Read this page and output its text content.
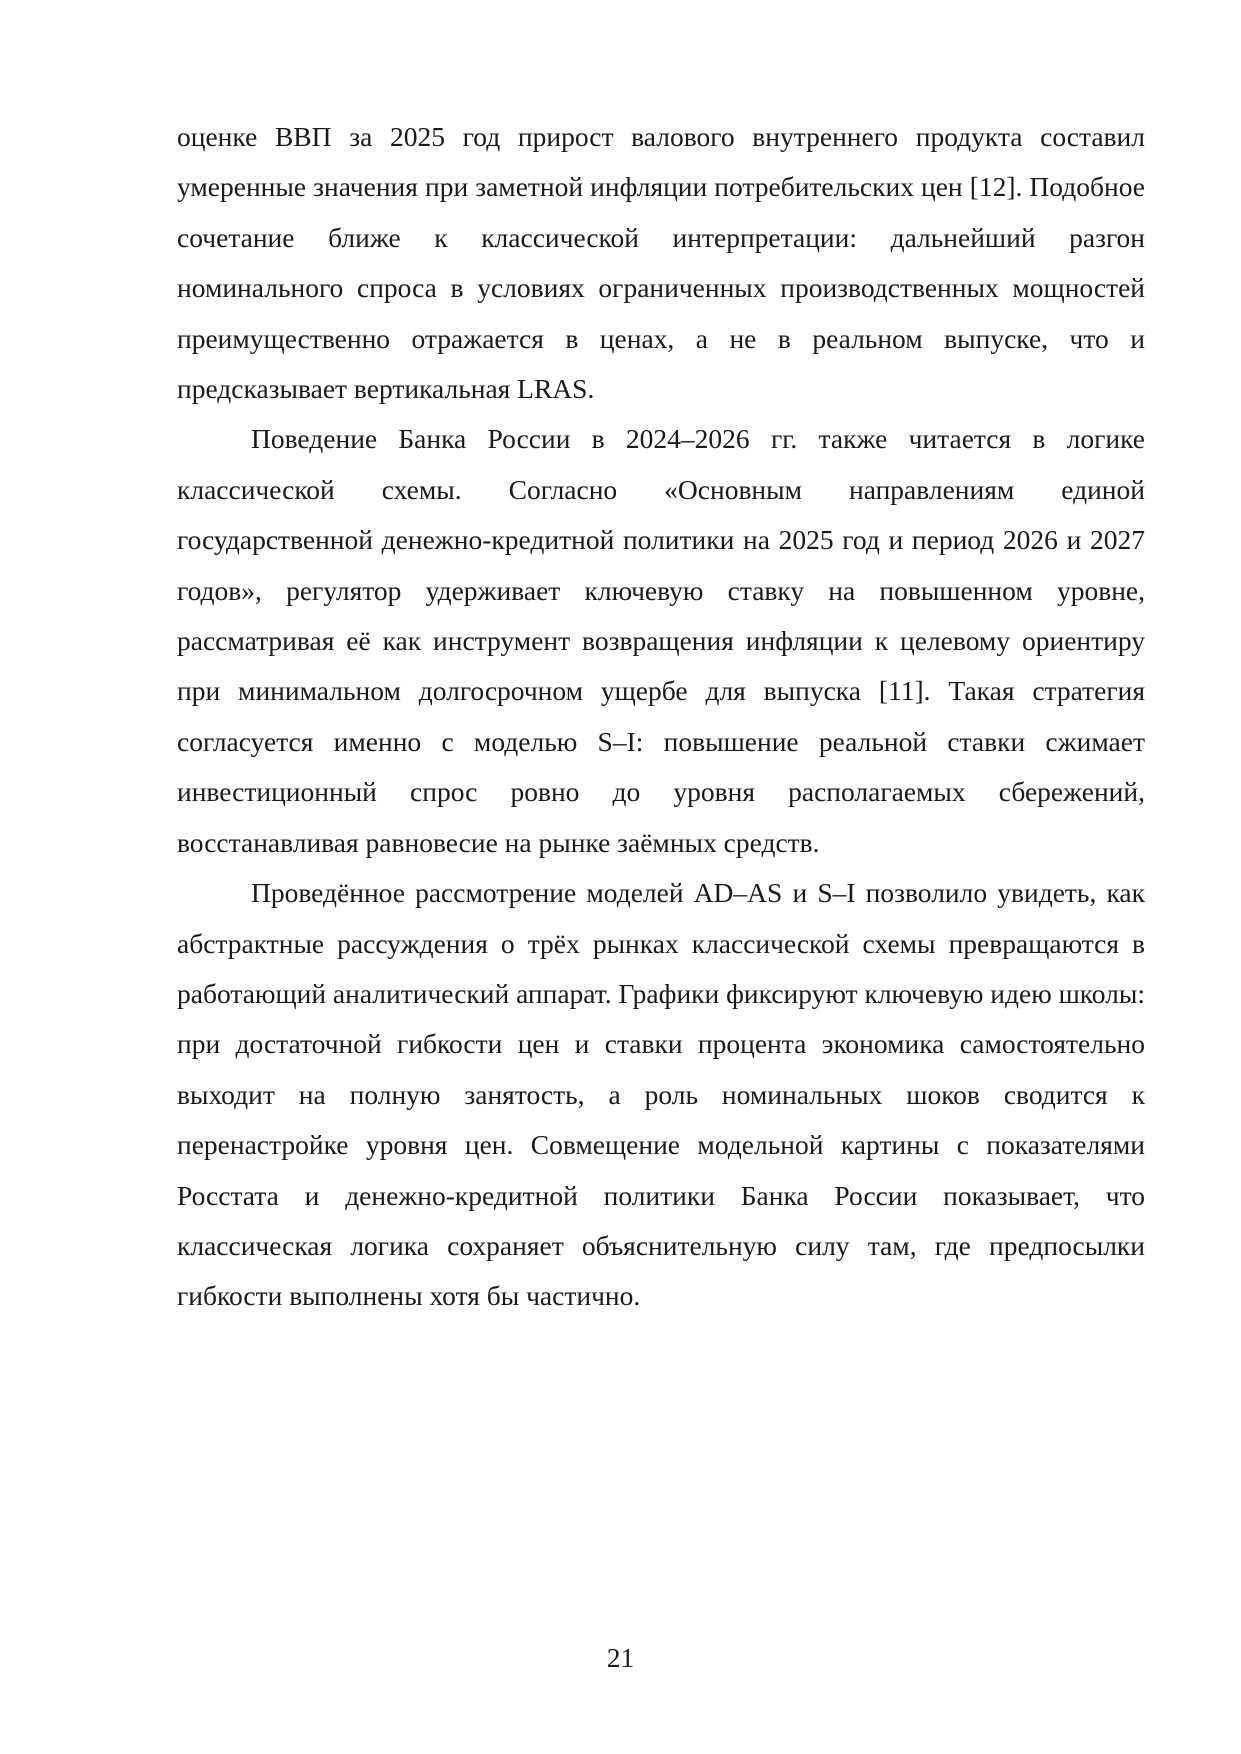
оценке ВВП за 2025 год прирост валового внутреннего продукта составил умеренные значения при заметной инфляции потребительских цен [12]. Подобное сочетание ближе к классической интерпретации: дальнейший разгон номинального спроса в условиях ограниченных производственных мощностей преимущественно отражается в ценах, а не в реальном выпуске, что и предсказывает вертикальная LRAS.

Поведение Банка России в 2024–2026 гг. также читается в логике классической схемы. Согласно «Основным направлениям единой государственной денежно-кредитной политики на 2025 год и период 2026 и 2027 годов», регулятор удерживает ключевую ставку на повышенном уровне, рассматривая её как инструмент возвращения инфляции к целевому ориентиру при минимальном долгосрочном ущербе для выпуска [11]. Такая стратегия согласуется именно с моделью S–I: повышение реальной ставки сжимает инвестиционный спрос ровно до уровня располагаемых сбережений, восстанавливая равновесие на рынке заёмных средств.

Проведённое рассмотрение моделей AD–AS и S–I позволило увидеть, как абстрактные рассуждения о трёх рынках классической схемы превращаются в работающий аналитический аппарат. Графики фиксируют ключевую идею школы: при достаточной гибкости цен и ставки процента экономика самостоятельно выходит на полную занятость, а роль номинальных шоков сводится к перенастройке уровня цен. Совмещение модельной картины с показателями Росстата и денежно-кредитной политики Банка России показывает, что классическая логика сохраняет объяснительную силу там, где предпосылки гибкости выполнены хотя бы частично.

21
